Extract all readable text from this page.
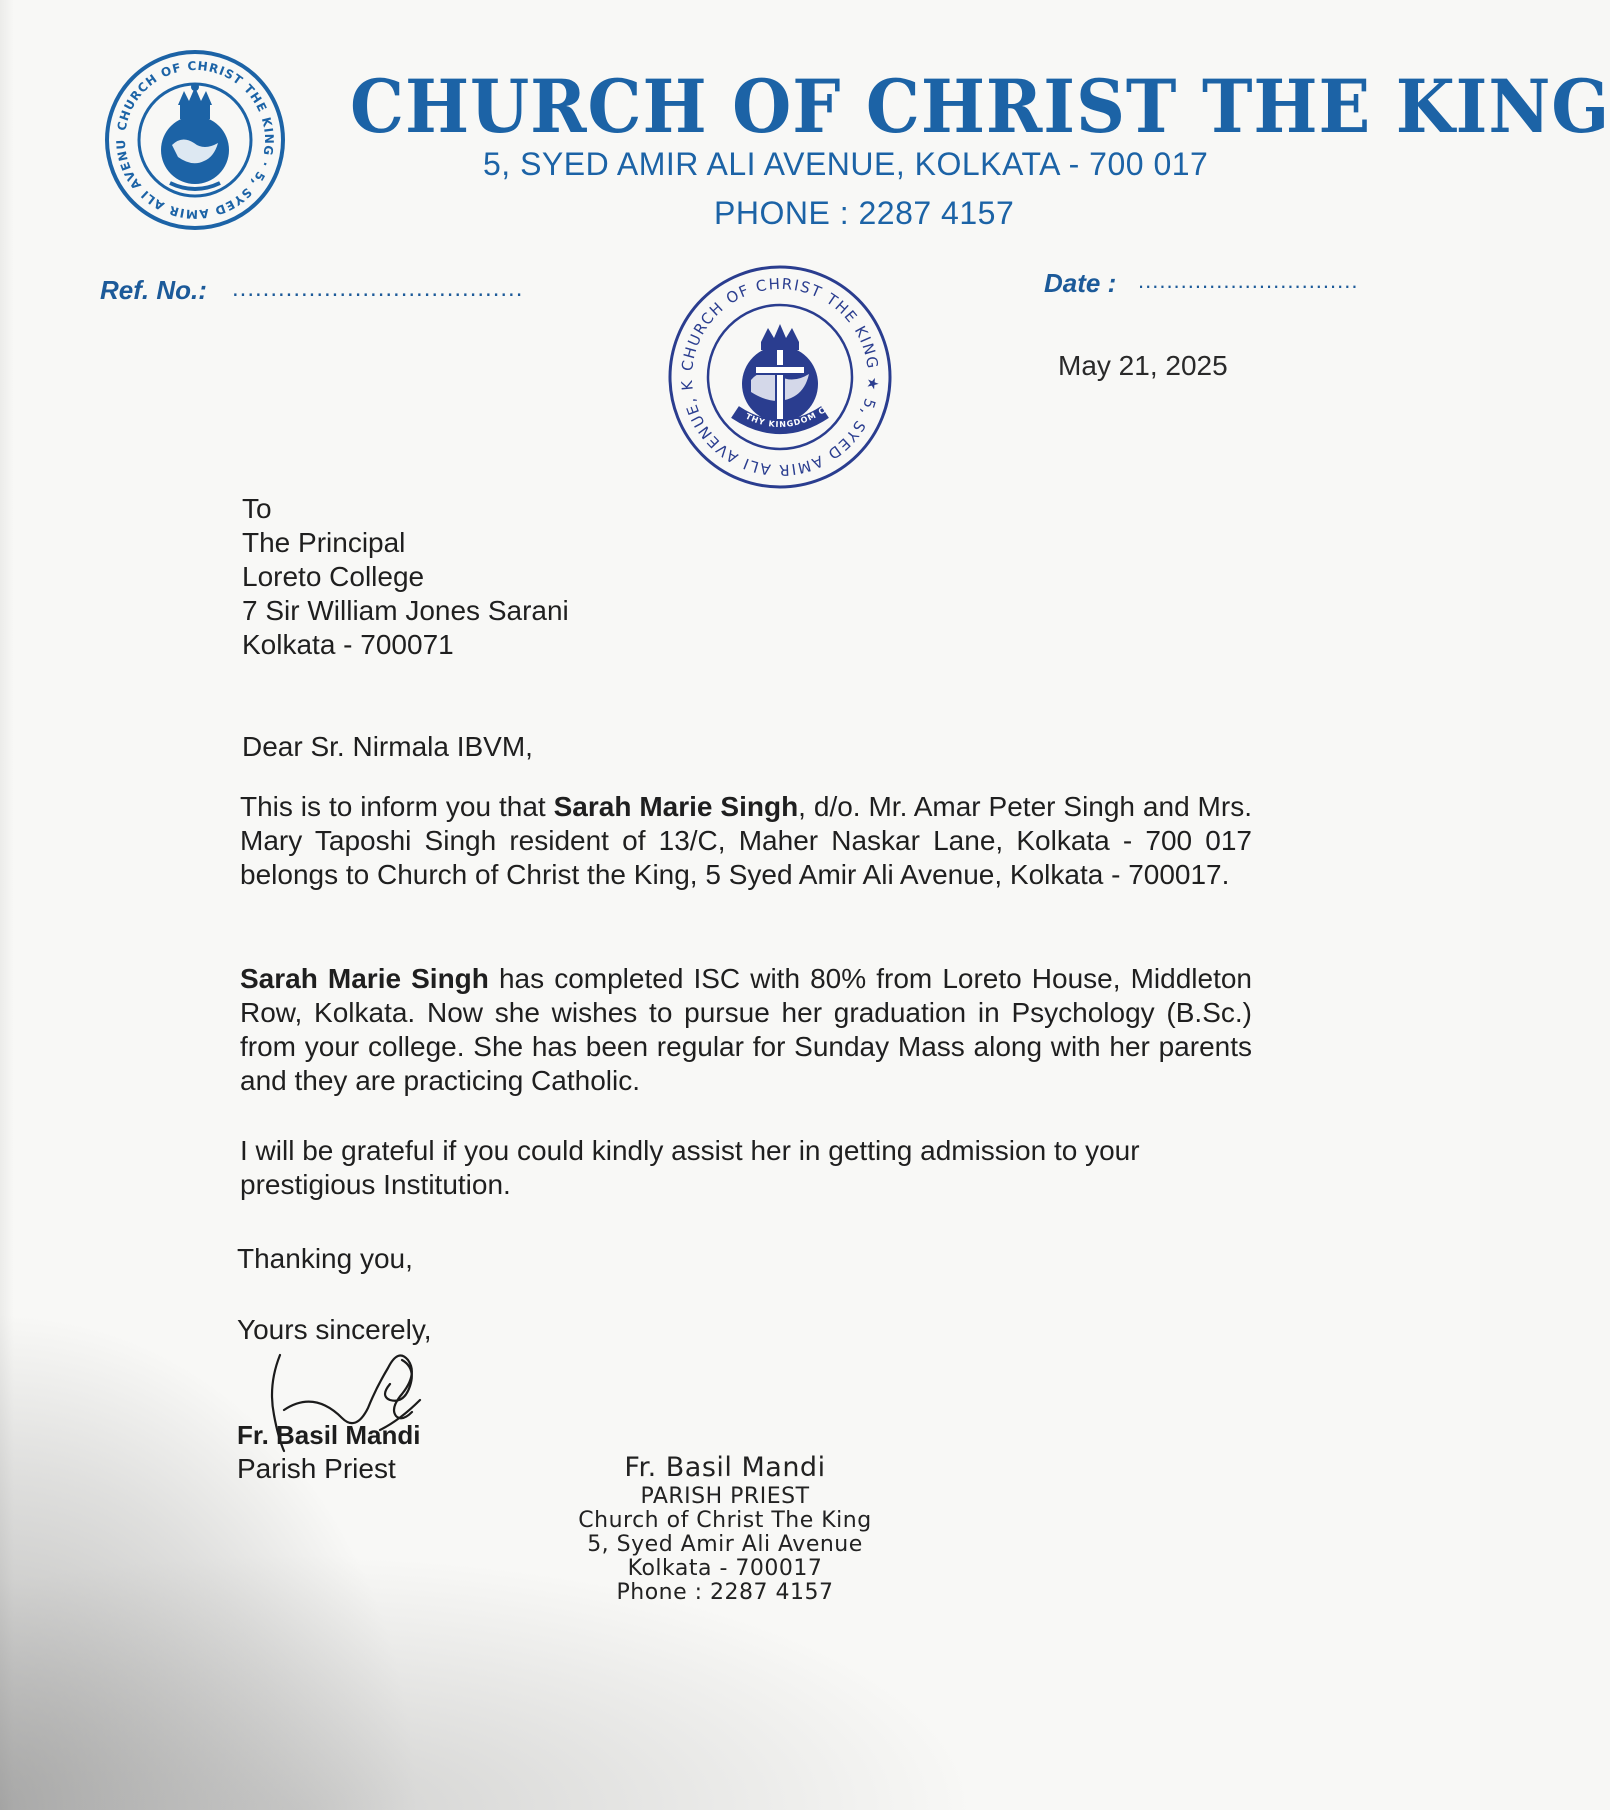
CHURCH OF CHRIST THE KING · 5, SYED AMIR ALI AVENU	CHURCH OF CHRIST THE KING
5, SYED AMIR ALI AVENUE, KOLKATA - 700 017
PHONE : 2287 4157
Ref. No.: ......................................	Date : ...............................
May 21, 2025
CHURCH OF CHRIST THE KING ★ 5, SYED AMIR ALI AVENUE, K
THY KINGDOM C
To
The Principal
Loreto College
7 Sir William Jones Sarani
Kolkata - 700071
Dear Sr. Nirmala IBVM,
This is to inform you that Sarah Marie Singh, d/o. Mr. Amar Peter Singh and Mrs. Mary Taposhi Singh resident of 13/C, Maher Naskar Lane, Kolkata - 700 017 belongs to Church of Christ the King, 5 Syed Amir Ali Avenue, Kolkata - 700017.
Sarah Marie Singh has completed ISC with 80% from Loreto House, Middleton Row, Kolkata. Now she wishes to pursue her graduation in Psychology (B.Sc.) from your college. She has been regular for Sunday Mass along with her parents and they are practicing Catholic.
I will be grateful if you could kindly assist her in getting admission to your prestigious Institution.
Thanking you,
Yours sincerely,
Fr. Basil Mandi
Parish Priest	Fr. Basil Mandi
PARISH PRIEST
Church of Christ The King
5, Syed Amir Ali Avenue
Kolkata - 700017
Phone : 2287 4157
